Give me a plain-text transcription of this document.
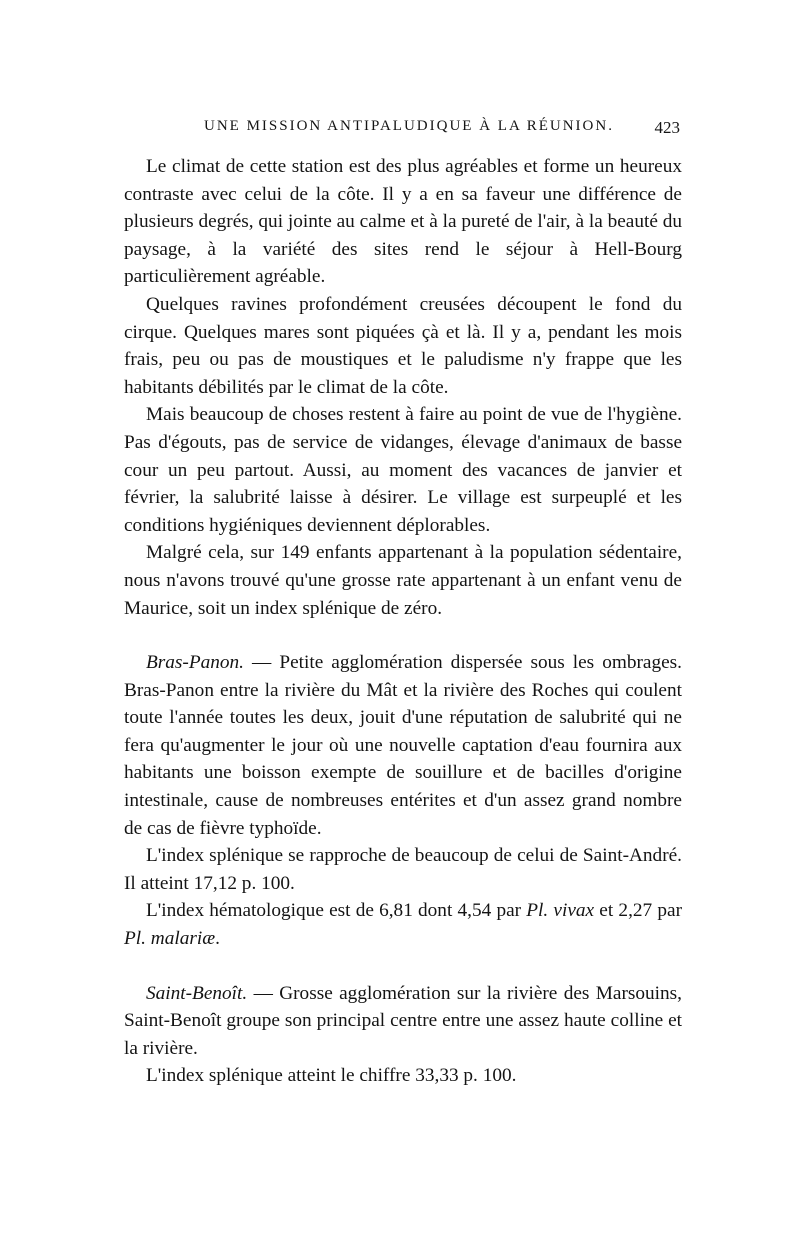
UNE MISSION ANTIPALUDIQUE À LA RÉUNION. 423

Le climat de cette station est des plus agréables et forme un heureux contraste avec celui de la côte. Il y a en sa faveur une différence de plusieurs degrés, qui jointe au calme et à la pureté de l'air, à la beauté du paysage, à la variété des sites rend le séjour à Hell-Bourg particulièrement agréable.

Quelques ravines profondément creusées découpent le fond du cirque. Quelques mares sont piquées çà et là. Il y a, pendant les mois frais, peu ou pas de moustiques et le paludisme n'y frappe que les habitants débilités par le climat de la côte.

Mais beaucoup de choses restent à faire au point de vue de l'hygiène. Pas d'égouts, pas de service de vidanges, élevage d'animaux de basse cour un peu partout. Aussi, au moment des vacances de janvier et février, la salubrité laisse à désirer. Le village est surpeuplé et les conditions hygiéniques deviennent déplorables.

Malgré cela, sur 149 enfants appartenant à la population sédentaire, nous n'avons trouvé qu'une grosse rate appartenant à un enfant venu de Maurice, soit un index splénique de zéro.

Bras-Panon. — Petite agglomération dispersée sous les ombrages. Bras-Panon entre la rivière du Mât et la rivière des Roches qui coulent toute l'année toutes les deux, jouit d'une réputation de salubrité qui ne fera qu'augmenter le jour où une nouvelle captation d'eau fournira aux habitants une boisson exempte de souillure et de bacilles d'origine intestinale, cause de nombreuses entérites et d'un assez grand nombre de cas de fièvre typhoïde.

L'index splénique se rapproche de beaucoup de celui de Saint-André. Il atteint 17,12 p. 100.

L'index hématologique est de 6,81 dont 4,54 par Pl. vivax et 2,27 par Pl. malariæ.

Saint-Benoît. — Grosse agglomération sur la rivière des Marsouins, Saint-Benoît groupe son principal centre entre une assez haute colline et la rivière.

L'index splénique atteint le chiffre 33,33 p. 100.
